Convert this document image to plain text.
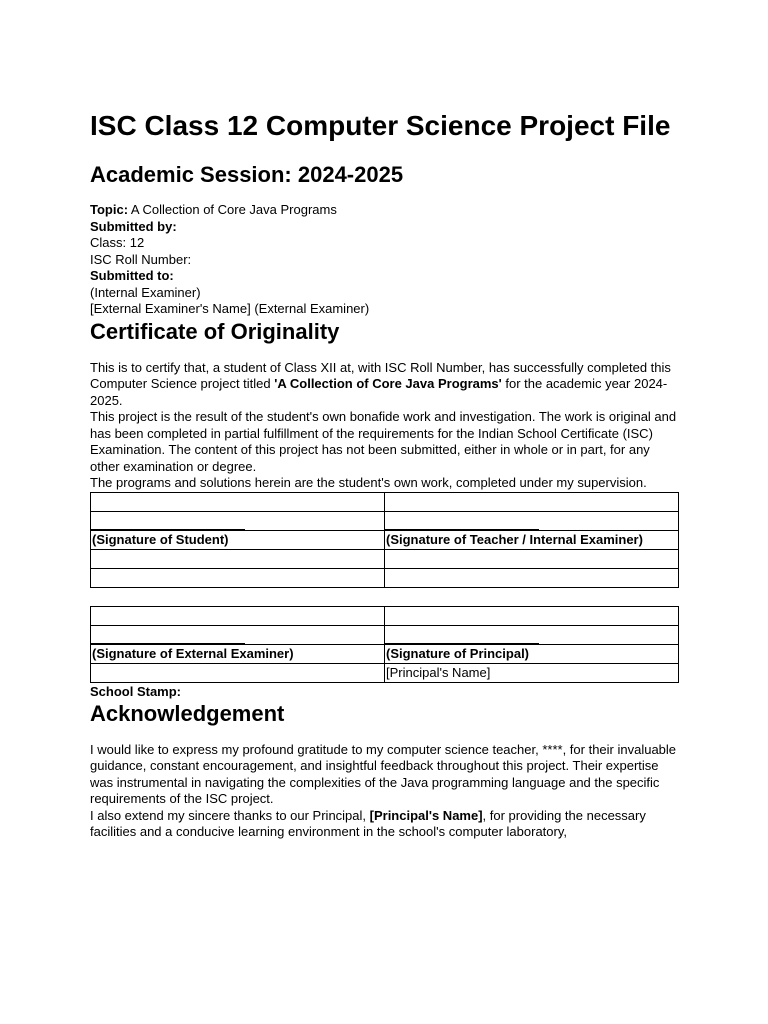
ISC Class 12 Computer Science Project File
Academic Session: 2024-2025
Topic: A Collection of Core Java Programs
Submitted by:
Class: 12
ISC Roll Number:
Submitted to:
(Internal Examiner)
[External Examiner's Name] (External Examiner)
Certificate of Originality
This is to certify that, a student of Class XII at, with ISC Roll Number, has successfully completed this Computer Science project titled 'A Collection of Core Java Programs' for the academic year 2024-2025.
This project is the result of the student's own bonafide work and investigation. The work is original and has been completed in partial fulfillment of the requirements for the Indian School Certificate (ISC) Examination. The content of this project has not been submitted, either in whole or in part, for any other examination or degree.
The programs and solutions herein are the student's own work, completed under my supervision.

(Signature of Student)	(Signature of Teacher / Internal Examiner)

(Signature of External Examiner)	(Signature of Principal)
	[Principal's Name]
School Stamp:
Acknowledgement
I would like to express my profound gratitude to my computer science teacher, ****, for their invaluable guidance, constant encouragement, and insightful feedback throughout this project. Their expertise was instrumental in navigating the complexities of the Java programming language and the specific requirements of the ISC project.
I also extend my sincere thanks to our Principal, [Principal's Name], for providing the necessary facilities and a conducive learning environment in the school's computer laboratory,
